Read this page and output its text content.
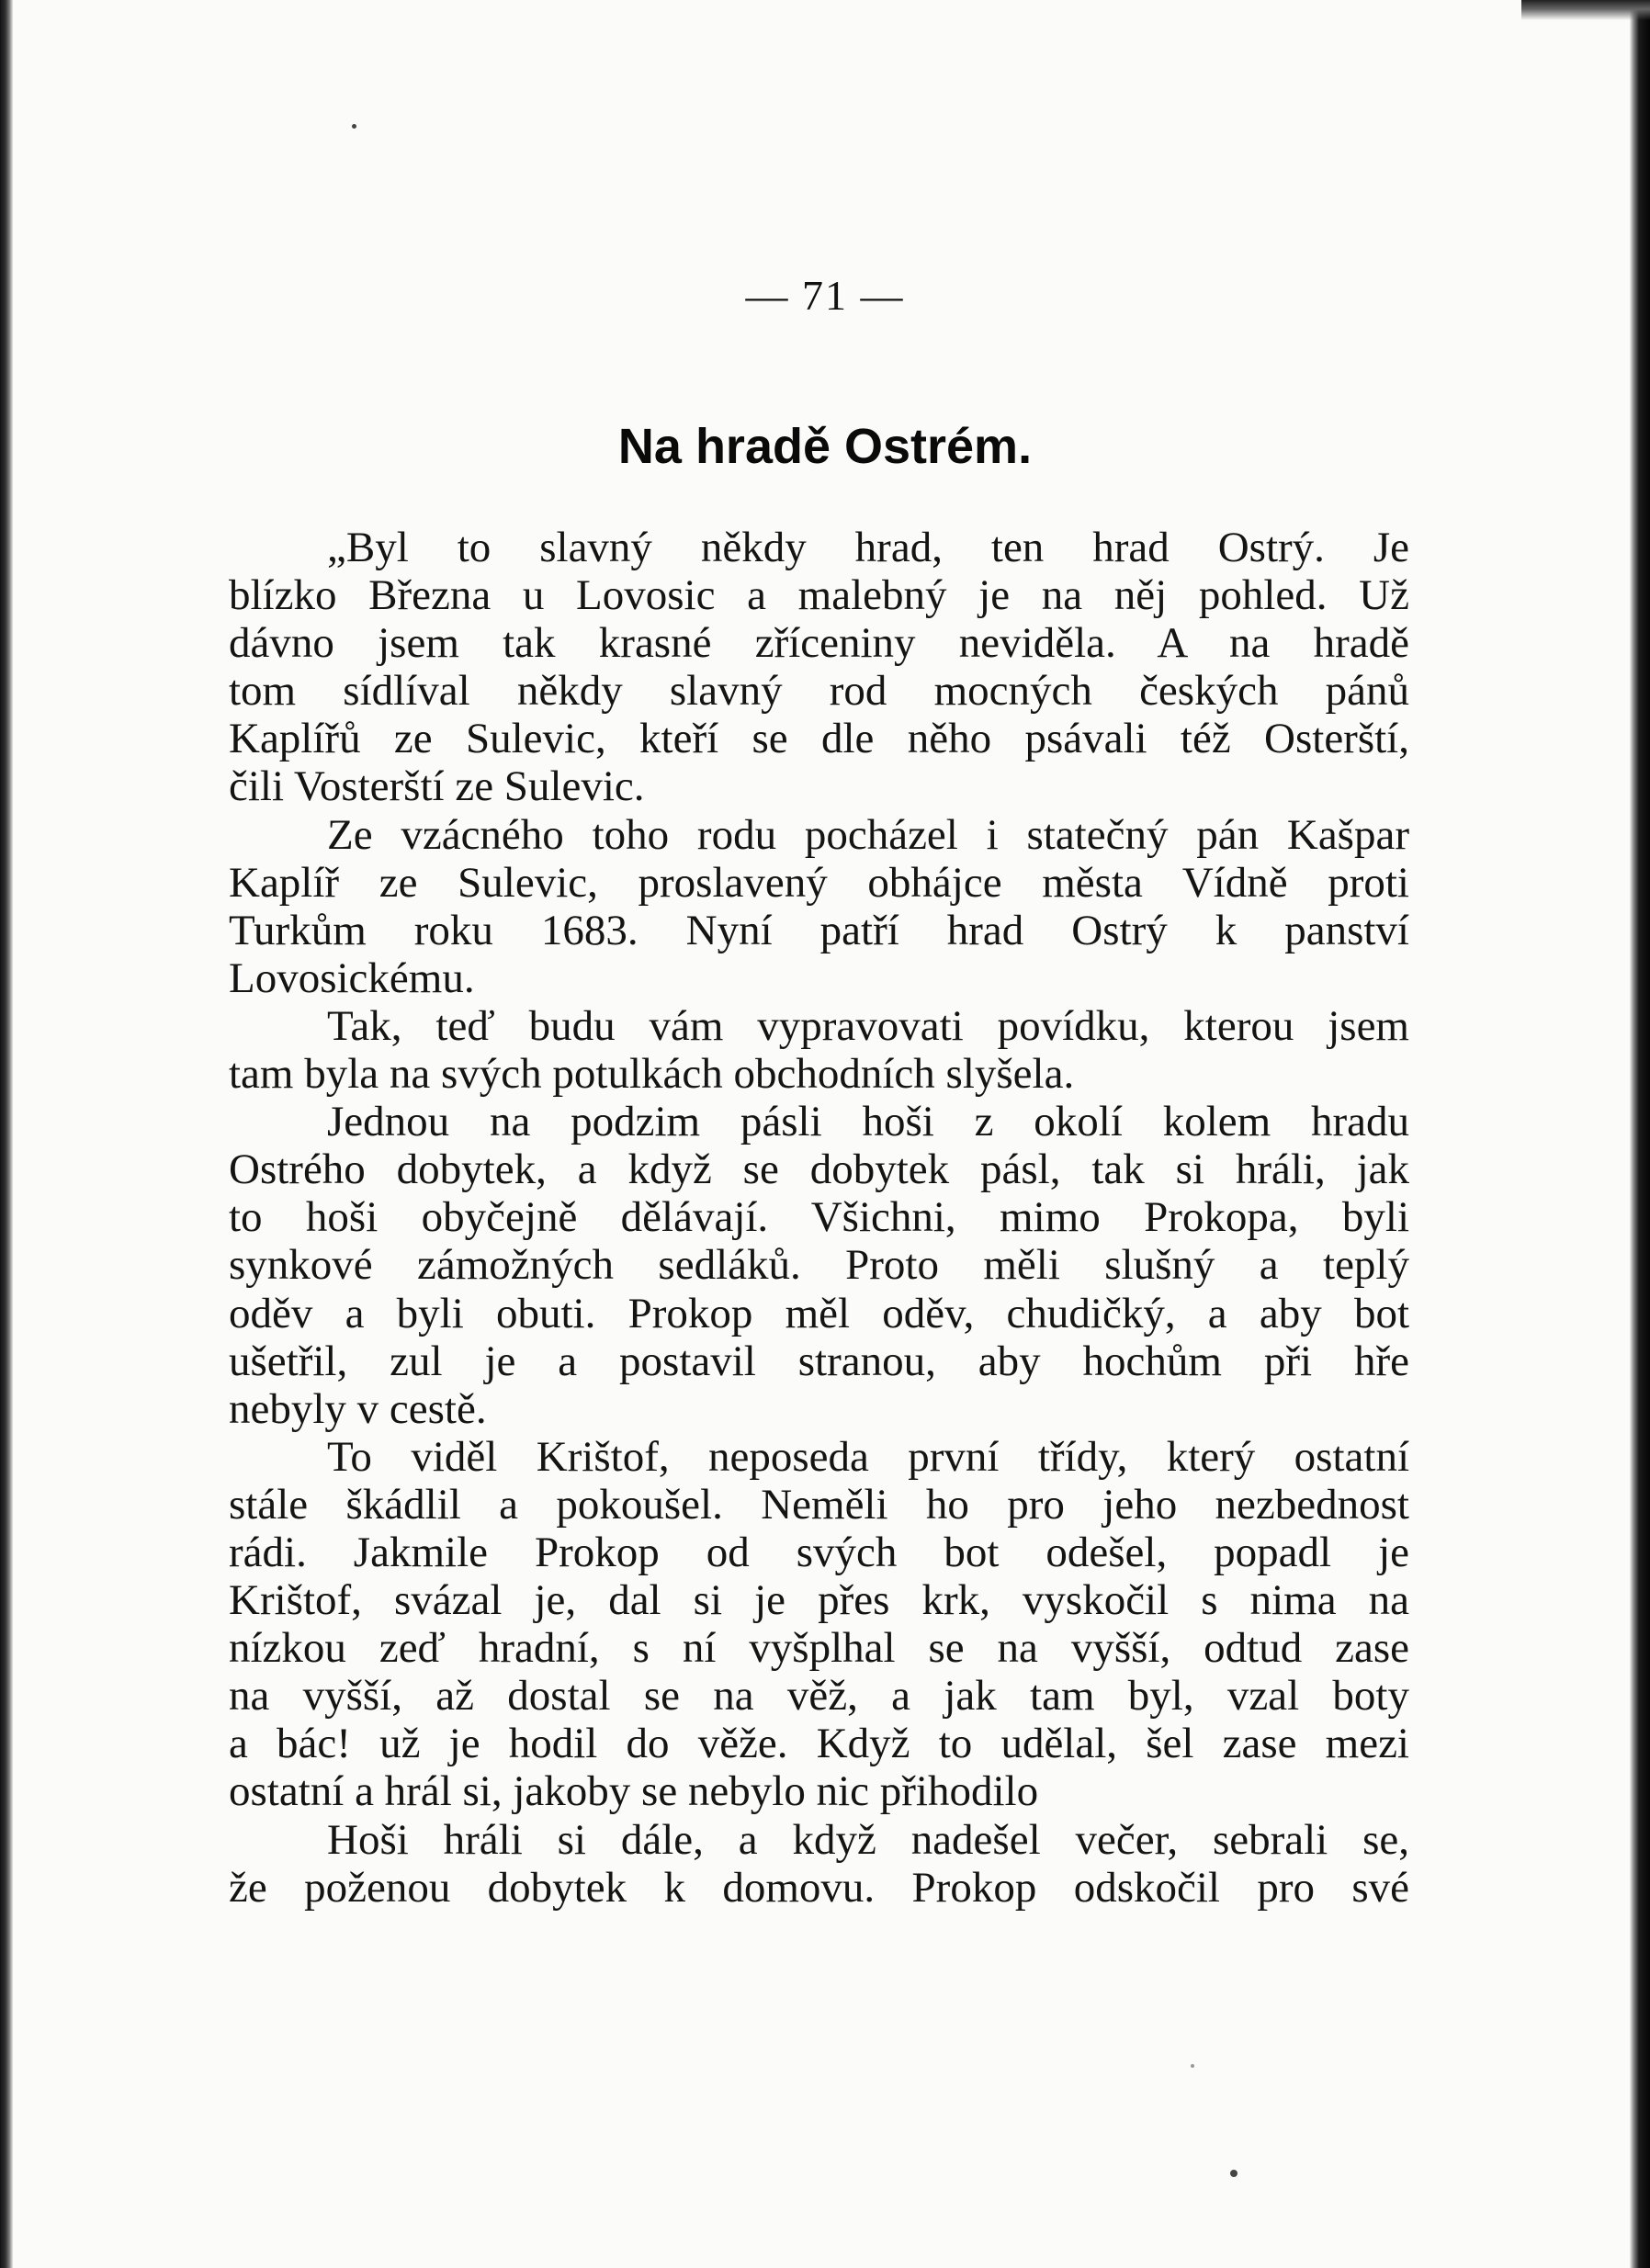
— 71 —
Na hradě Ostrém.
„Byl to slavný někdy hrad, ten hrad Ostrý. Je
blízko Března u Lovosic a malebný je na něj pohled. Už
dávno jsem tak krasné zříceniny neviděla. A na hradě
tom sídlíval někdy slavný rod mocných českých pánů
Kaplířů ze Sulevic, kteří se dle něho psávali též Osterští,
čili Vosterští ze Sulevic.
Ze vzácného toho rodu pocházel i statečný pán Kašpar
Kaplíř ze Sulevic, proslavený obhájce města Vídně proti
Turkům roku 1683. Nyní patří hrad Ostrý k panství
Lovosickému.
Tak, teď budu vám vypravovati povídku, kterou jsem
tam byla na svých potulkách obchodních slyšela.
Jednou na podzim pásli hoši z okolí kolem hradu
Ostrého dobytek, a když se dobytek pásl, tak si hráli, jak
to hoši obyčejně dělávají. Všichni, mimo Prokopa, byli
synkové zámožných sedláků. Proto měli slušný a teplý
oděv a byli obuti. Prokop měl oděv, chudičký, a aby bot
ušetřil, zul je a postavil stranou, aby hochům při hře
nebyly v cestě.
To viděl Krištof, neposeda první třídy, který ostatní
stále škádlil a pokoušel. Neměli ho pro jeho nezbednost
rádi. Jakmile Prokop od svých bot odešel, popadl je
Krištof, svázal je, dal si je přes krk, vyskočil s nima na
nízkou zeď hradní, s ní vyšplhal se na vyšší, odtud zase
na vyšší, až dostal se na věž, a jak tam byl, vzal boty
a bác! už je hodil do věže. Když to udělal, šel zase mezi
ostatní a hrál si, jakoby se nebylo nic přihodilo
Hoši hráli si dále, a když nadešel večer, sebrali se,
že poženou dobytek k domovu. Prokop odskočil pro své
